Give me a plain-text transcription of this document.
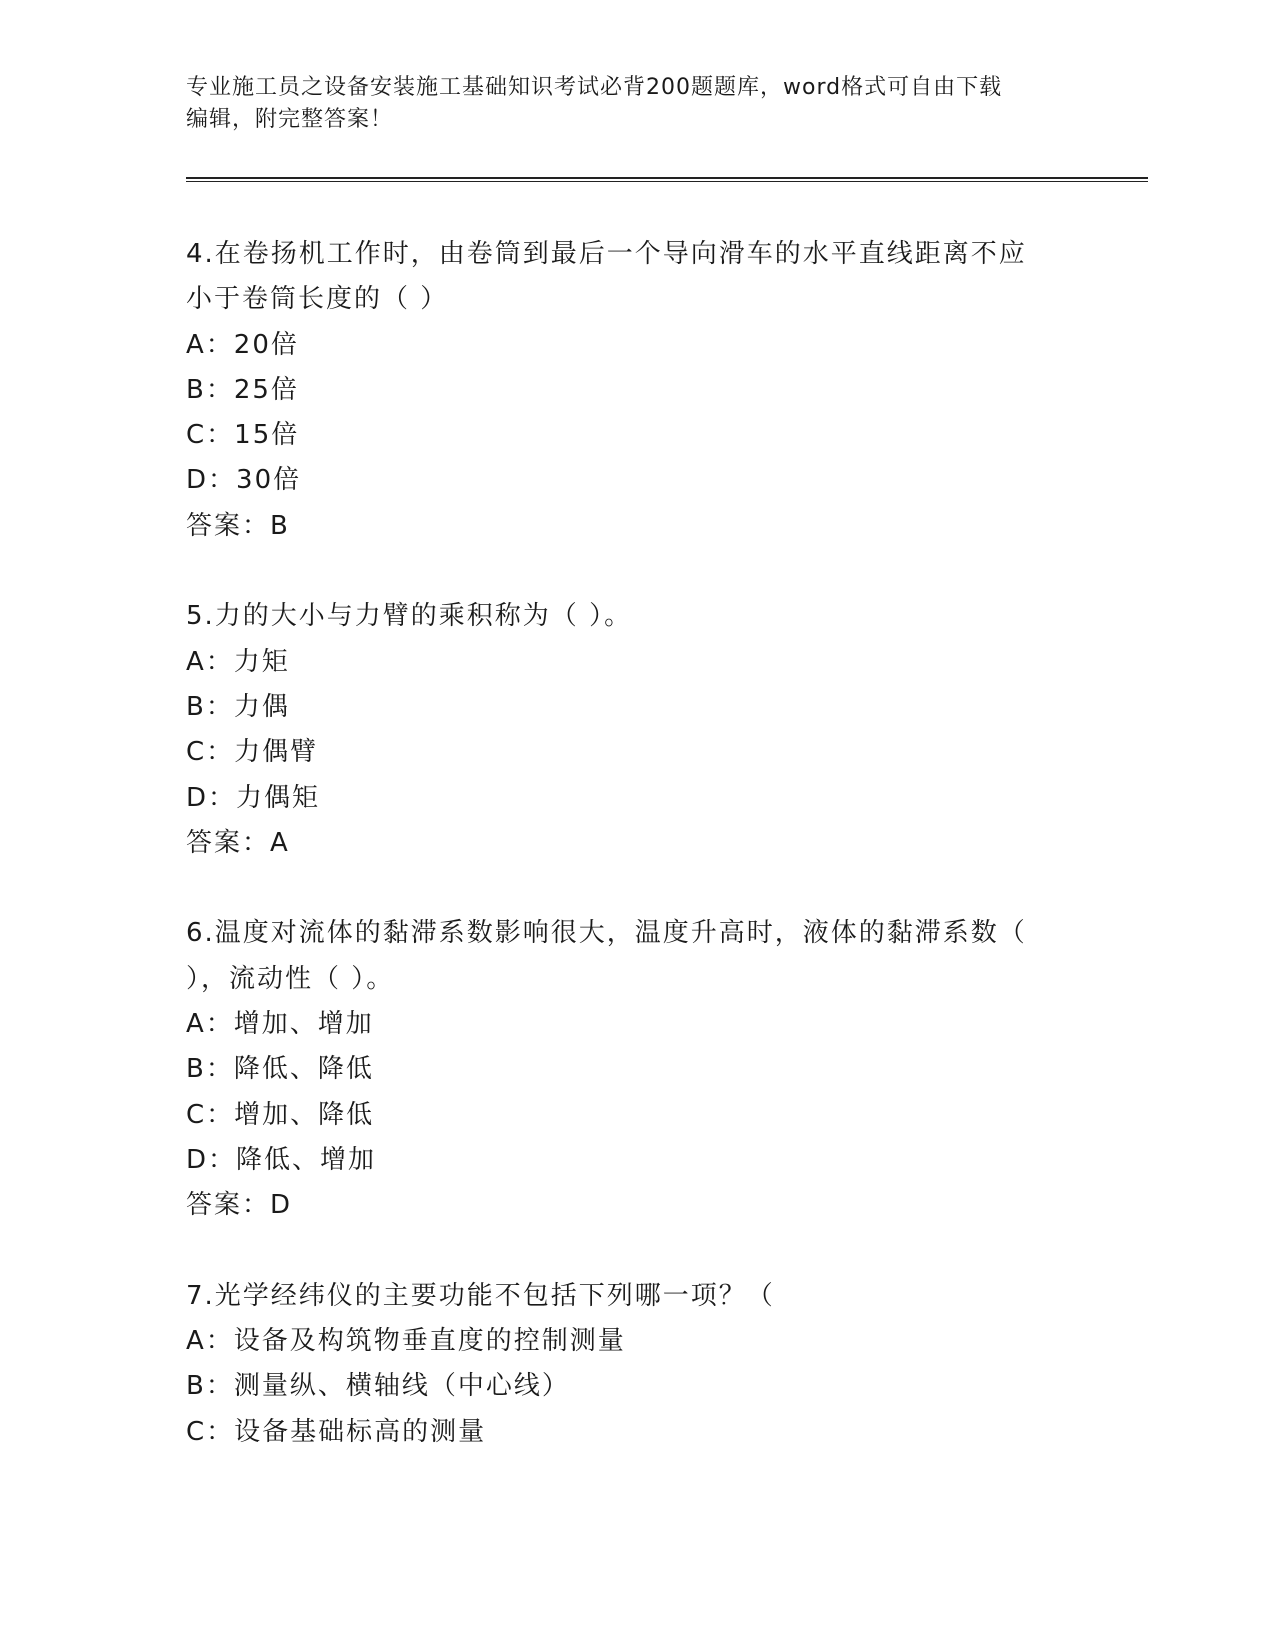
专业施工员之设备安装施工基础知识考试必背200题题库，word格式可自由下载
编辑，附完整答案！
4.在卷扬机工作时，由卷筒到最后一个导向滑车的水平直线距离不应
小于卷筒长度的（ ）
A：20倍
B：25倍
C：15倍
D：30倍
答案：B
5.力的大小与力臂的乘积称为（ ）。
A：力矩
B：力偶
C：力偶臂
D：力偶矩
答案：A
6.温度对流体的黏滞系数影响很大，温度升高时，液体的黏滞系数（
），流动性（ ）。
A：增加、增加
B：降低、降低
C：增加、降低
D：降低、增加
答案：D
7.光学经纬仪的主要功能不包括下列哪一项？（
A：设备及构筑物垂直度的控制测量
B：测量纵、横轴线（中心线）
C：设备基础标高的测量
